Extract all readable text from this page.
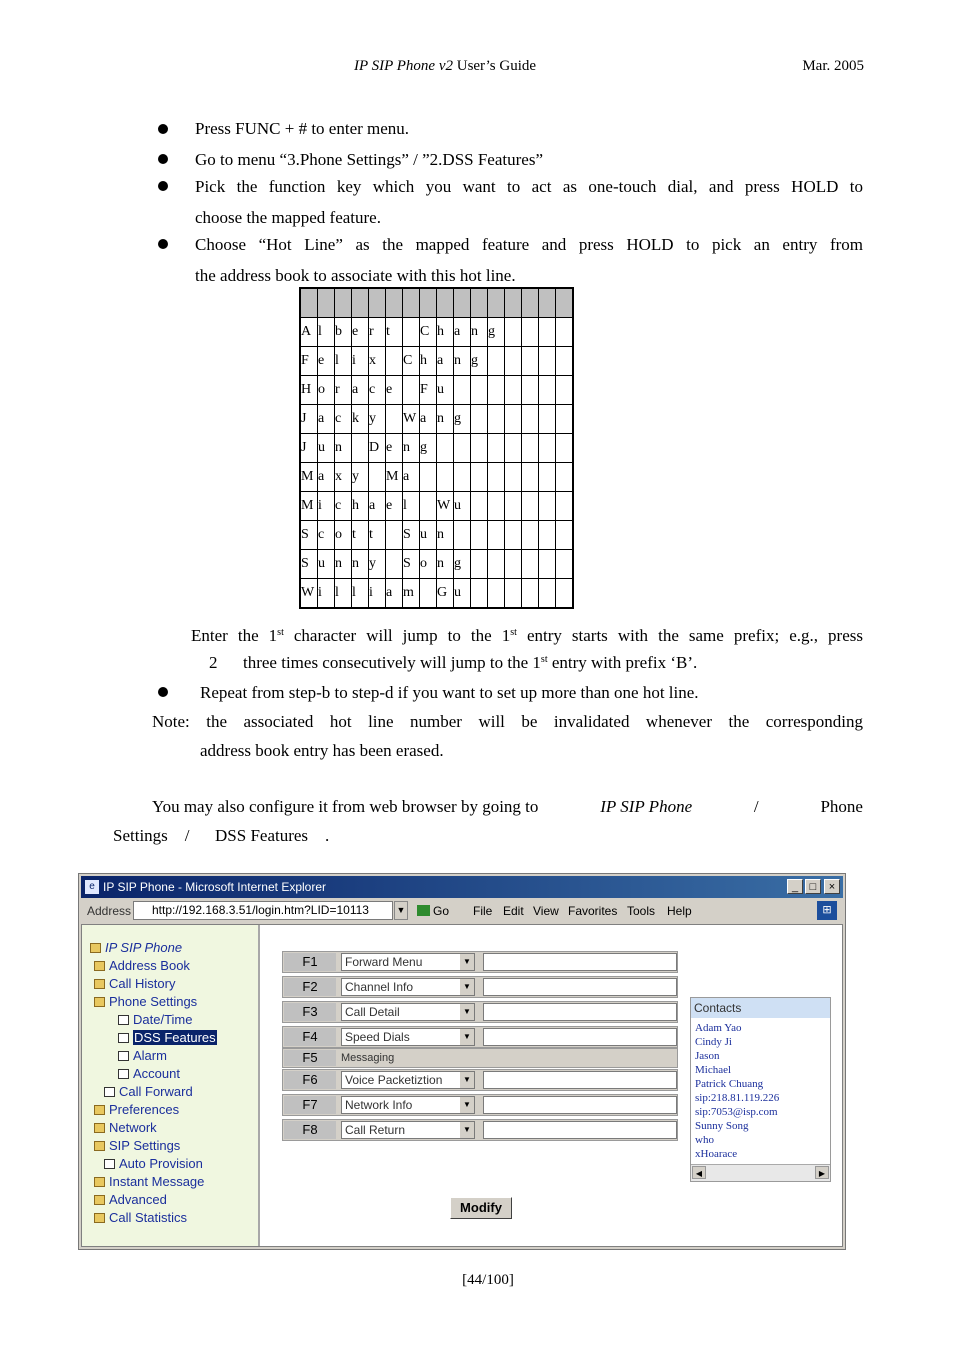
IP SIP Phone v2 User’s Guide	Mar. 2005
Press FUNC + # to enter menu.
Go to menu “3.Phone Settings” / ”2.DSS Features”
Pick the function key which you want to act as one-touch dial, and press HOLD to
choose the mapped feature.
Choose “Hot Line” as the mapped feature and press HOLD to pick an entry from
the address book to associate with this hot line.

A	l	b	e	r	t		C	h	a	n	g				
F	e	l	i	x		C	h	a	n	g					
H	o	r	a	c	e		F	u							
J	a	c	k	y		W	a	n	g						
J	u	n		D	e	n	g								
M	a	x	y		M	a									
M	i	c	h	a	e	l		W	u						
S	c	o	t	t		S	u	n							
S	u	n	n	y		S	o	n	g						
W	i	l	l	i	a	m		G	u						
Enter the 1st character will jump to the 1st entry starts with the same prefix; e.g., press
2      three times consecutively will jump to the 1st entry with prefix ‘B’.
Repeat from step-b to step-d if you want to set up more than one hot line.
Note:  the  associated  hot  line  number  will  be  invalidated  whenever  the  corresponding
address book entry has been erased.
You may also configure it from web browser by going to	IP SIP Phone	/	Phone
Settings    /      DSS Features    .
e IP SIP Phone - Microsoft Internet Explorer	_	□	×
Address	http://192.168.3.51/login.htm?LID=10113	▼	Go File Edit View Favorites Tools Help	⊞
IP SIP Phone
Address Book
Call History
Phone Settings
Date/Time
DSS Features
Alarm
Account
Call Forward
Preferences
Network
SIP Settings
Auto Provision
Instant Message
Advanced
Call Statistics
F1	Forward Menu	▼
F2	Channel Info	▼
F3	Call Detail	▼
F4	Speed Dials	▼
F5	Messaging
F6	Voice Packetiztion	▼
F7	Network Info	▼
F8	Call Return	▼
Modify
Contacts
Adam Yao
Cindy Ji
Jason
Michael
Patrick Chuang
sip:218.81.119.226
sip:7053@isp.com
Sunny Song
who
xHoarace
◀	▶
[44/100]
